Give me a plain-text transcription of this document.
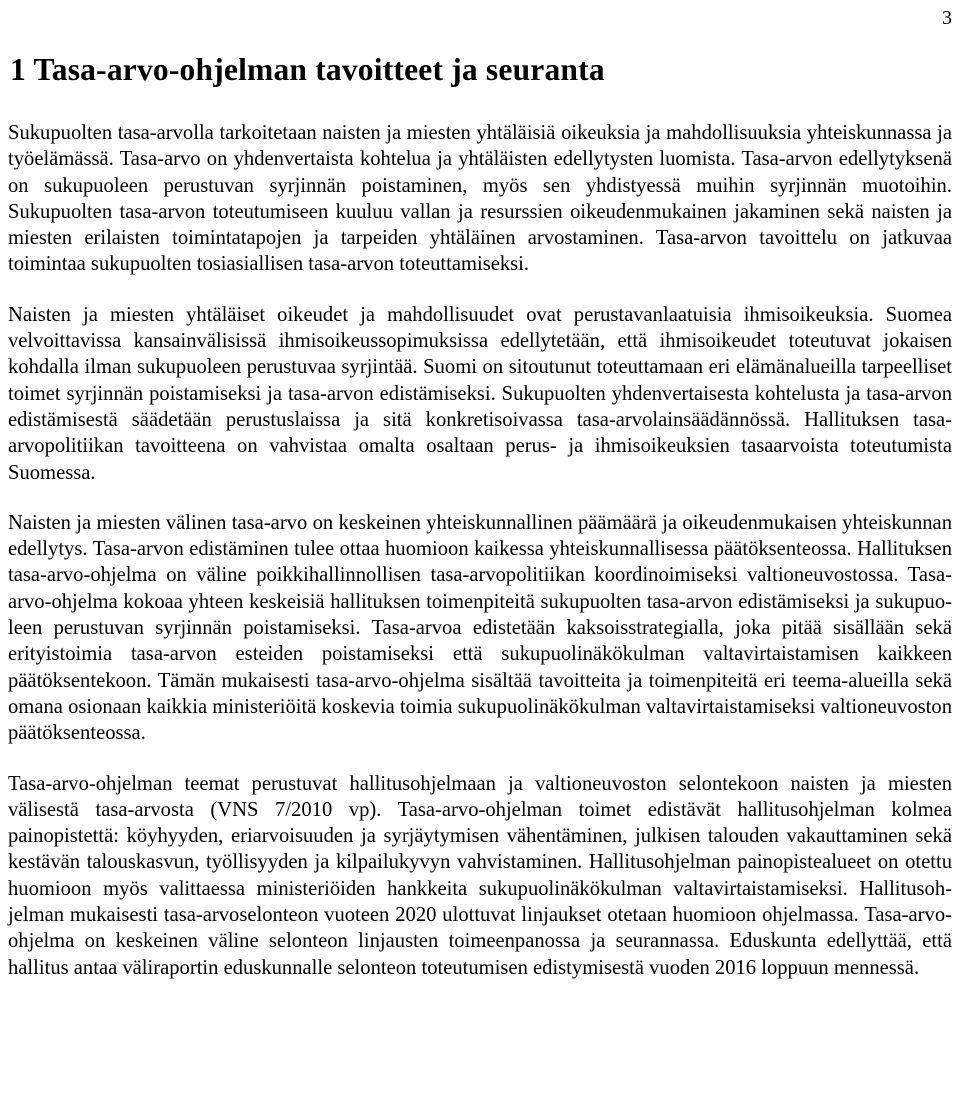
3
1 Tasa-arvo-ohjelman tavoitteet ja seuranta

Sukupuolten tasa-arvolla tarkoitetaan naisten ja miesten yhtäläisiä oikeuksia ja mahdollisuuksia yhteiskunnassa ja työelämässä. Tasa-arvo on yhdenvertaista kohtelua ja yhtäläisten edellytysten luomista. Tasa-arvon edellytyksenä on sukupuoleen perustuvan syrjinnän poistaminen, myös sen yhdistyessä muihin syrjinnän muotoihin. Sukupuolten tasa-arvon toteutumiseen kuuluu vallan ja resurssien oikeudenmukainen jakaminen sekä naisten ja miesten erilaisten toimintatapojen ja tarpeiden yhtäläinen arvostaminen. Tasa-arvon tavoittelu on jatkuvaa toimintaa sukupuolten tosiasiallisen tasa-arvon toteuttamiseksi.

Naisten ja miesten yhtäläiset oikeudet ja mahdollisuudet ovat perustavanlaatuisia ihmisoikeuksia. Suomea velvoittavissa kansainvälisissä ihmisoikeussopimuksissa edellytetään, että ihmisoikeudet toteutuvat jokaisen kohdalla ilman sukupuoleen perustuvaa syrjintää. Suomi on sitoutunut toteuttamaan eri elämänalueilla tarpeelliset toimet syrjinnän poistamiseksi ja tasa-arvon edistämiseksi. Sukupuolten yhdenvertaisesta kohtelusta ja tasa-arvon edistämisestä säädetään perustuslaissa ja sitä konkretisoivassa tasa-arvolainsäädännössä. Hallituksen tasa-arvopolitiikan tavoitteena on vahvistaa omalta osaltaan perus- ja ihmisoikeuksien tasaarvoista toteutumista Suomessa.

Naisten ja miesten välinen tasa-arvo on keskeinen yhteiskunnallinen päämäärä ja oikeudenmukaisen yhteiskunnan edellytys. Tasa-arvon edistäminen tulee ottaa huomioon kaikessa yhteiskunnallisessa päätöksenteossa. Hallituksen tasa-arvo-ohjelma on väline poikkihallinnollisen tasa-arvopolitiikan koordinoimiseksi valtioneuvostossa. Tasa-arvo-ohjelma kokoaa yhteen keskeisiä hallituksen toimenpiteitä sukupuolten tasa-arvon edistämiseksi ja sukupuoleen perustuvan syrjinnän poistamiseksi. Tasa-arvoa edistetään kaksoisstrategialla, joka pitää sisällään sekä erityistoimia tasa-arvon esteiden poistamiseksi että sukupuolinäkökulman valtavirtaistamisen kaikkeen päätöksentekoon. Tämän mukaisesti tasa-arvo-ohjelma sisältää tavoitteita ja toimenpiteitä eri teema-alueilla sekä omana osionaan kaikkia ministeriöitä koskevia toimia sukupuolinäkökulman valtavirtaistamiseksi valtioneuvoston päätöksenteossa.

Tasa-arvo-ohjelman teemat perustuvat hallitusohjelmaan ja valtioneuvoston selontekoon naisten ja miesten välisestä tasa-arvosta (VNS 7/2010 vp). Tasa-arvo-ohjelman toimet edistävät hallitusohjelman kolmea painopistettä: köyhyyden, eriarvoisuuden ja syrjäytymisen vähentäminen, julkisen talouden vakauttaminen sekä kestävän talouskasvun, työllisyyden ja kilpailukyvyn vahvistaminen. Hallitusohjelman painopistealueet on otettu huomioon myös valittaessa ministeriöiden hankkeita sukupuolinäkökulman valtavirtaistamiseksi. Hallitusohjelman mukaisesti tasa-arvoselonteon vuoteen 2020 ulottuvat linjaukset otetaan huomioon ohjelmassa. Tasa-arvo-ohjelma on keskeinen väline selonteon linjausten toimeenpanossa ja seurannassa. Eduskunta edellyttää, että hallitus antaa väliraportin eduskunnalle selonteon toteutumisen edistymisestä vuoden 2016 loppuun mennessä.
